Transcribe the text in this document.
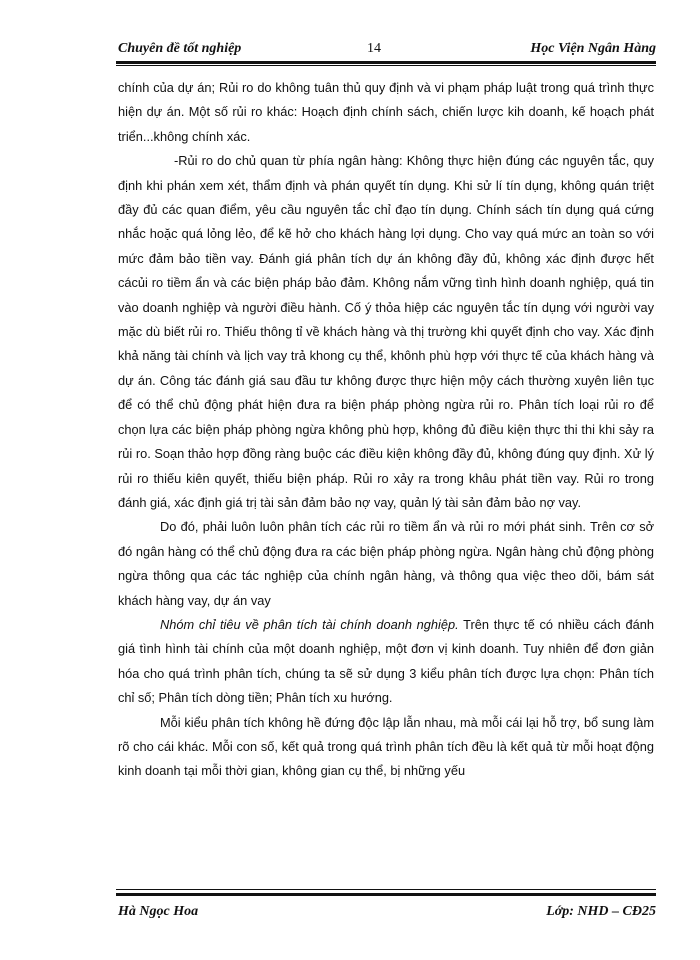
Chuyên đề tốt nghiệp	14	Học Viện Ngân Hàng

chính của dự án; Rủi ro do không tuân thủ quy định và vi phạm pháp luật trong quá trình thực hiện dự án. Một số rủi ro khác: Hoạch định chính sách, chiến lược kih doanh, kế hoạch phát triển...không chính xác.

-Rủi ro do chủ quan từ phía ngân hàng: Không thực hiện đúng các nguyên tắc, quy định khi phán xem xét, thẩm định và phán quyết tín dụng. Khi sử lí tín dụng, không quán triệt đầy đủ các quan điểm, yêu cầu nguyên tắc chỉ đạo tín dụng. Chính sách tín dụng quá cứng nhắc hoặc quá lỏng lẻo, để kẽ hở cho khách hàng lợi dụng. Cho vay quá mức an toàn so với mức đảm bảo tiền vay. Đánh giá phân tích dự án không đầy đủ, không xác định được hết cácủi ro tiềm ẩn và các biện pháp bảo đảm. Không nắm vững tình hình doanh nghiệp, quá tin vào doanh nghiệp và người điều hành. Cố ý thỏa hiệp các nguyên tắc tín dụng với người vay mặc dù biết rủi ro. Thiếu thông tỉ về khách hàng và thị trường khi quyết định cho vay. Xác định khả năng tài chính và lịch vay trả khong cụ thể, khônh phù hợp với thực tế của khách hàng và dự án. Công tác đánh giá sau đầu tư không được thực hiện mộy cách thường xuyên liên tục để có thể chủ động phát hiện đưa ra biện pháp phòng ngừa rủi ro. Phân tích loại rủi ro để chọn lựa các biện pháp phòng ngừa không phù hợp, không đủ điều kiện thực thi thi khi sảy ra rủi ro. Soạn thảo hợp đồng ràng buộc các điều kiện không đầy đủ, không đúng quy định. Xử lý rủi ro thiếu kiên quyết, thiếu biện pháp. Rủi ro xảy ra trong khâu phát tiền vay. Rủi ro trong đánh giá, xác định giá trị tài sản đảm bảo nợ vay, quản lý tài sản đảm bảo nợ vay.

Do đó, phải luôn luôn phân tích các rủi ro tiềm ẩn và rủi ro mới phát sinh. Trên cơ sở đó ngân hàng có thể chủ động đưa ra các biện pháp phòng ngừa. Ngân hàng chủ động phòng ngừa thông qua các tác nghiệp của chính ngân hàng, và thông qua việc theo dõi, bám sát khách hàng vay, dự án vay

Nhóm chỉ tiêu về phân tích tài chính doanh nghiệp. Trên thực tế có nhiều cách đánh giá tình hình tài chính của một doanh nghiệp, một đơn vị kinh doanh. Tuy nhiên để đơn giản hóa cho quá trình phân tích, chúng ta sẽ sử dụng 3 kiểu phân tích được lựa chọn: Phân tích chỉ số; Phân tích dòng tiền; Phân tích xu hướng.

Mỗi kiểu phân tích không hề đứng độc lập lẫn nhau, mà mỗi cái lại hỗ trợ, bổ sung làm rõ cho cái khác. Mỗi con số, kết quả trong quá trình phân tích đều là kết quả từ mỗi hoạt động kinh doanh tại mỗi thời gian, không gian cụ thể, bị những yếu

Hà Ngọc Hoa	Lớp: NHD – CĐ25
